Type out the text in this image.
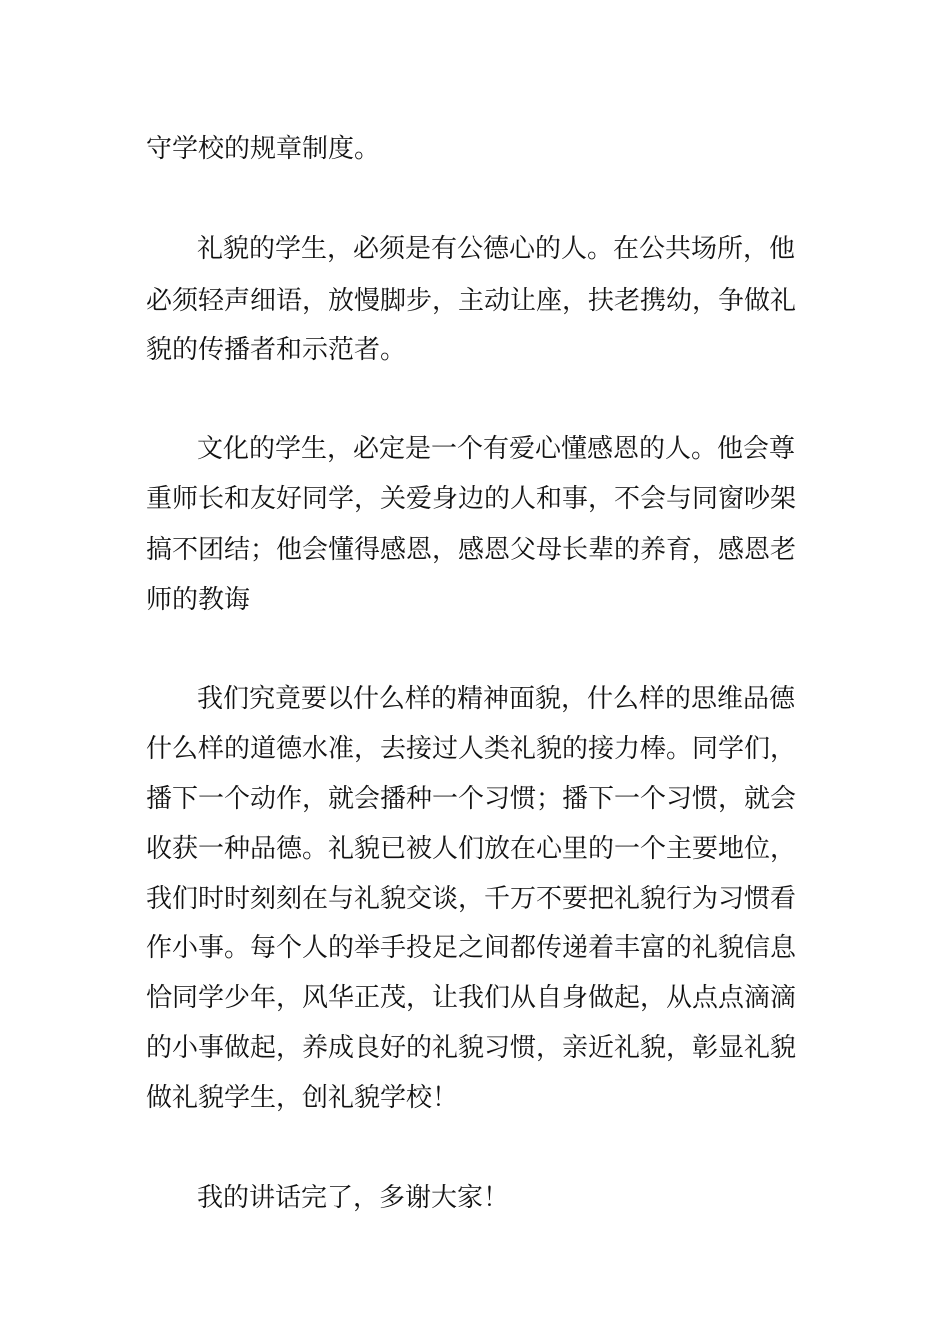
守学校的规章制度。
礼貌的学生，必须是有公德心的人。在公共场所，他
必须轻声细语，放慢脚步，主动让座，扶老携幼，争做礼
貌的传播者和示范者。
文化的学生，必定是一个有爱心懂感恩的人。他会尊
重师长和友好同学，关爱身边的人和事，不会与同窗吵架
搞不团结；他会懂得感恩，感恩父母长辈的养育，感恩老
师的教诲
我们究竟要以什么样的精神面貌，什么样的思维品德
什么样的道德水准，去接过人类礼貌的接力棒。同学们，
播下一个动作，就会播种一个习惯；播下一个习惯，就会
收获一种品德。礼貌已被人们放在心里的一个主要地位，
我们时时刻刻在与礼貌交谈，千万不要把礼貌行为习惯看
作小事。每个人的举手投足之间都传递着丰富的礼貌信息
恰同学少年，风华正茂，让我们从自身做起，从点点滴滴
的小事做起，养成良好的礼貌习惯，亲近礼貌，彰显礼貌
做礼貌学生，创礼貌学校！
我的讲话完了，多谢大家！
